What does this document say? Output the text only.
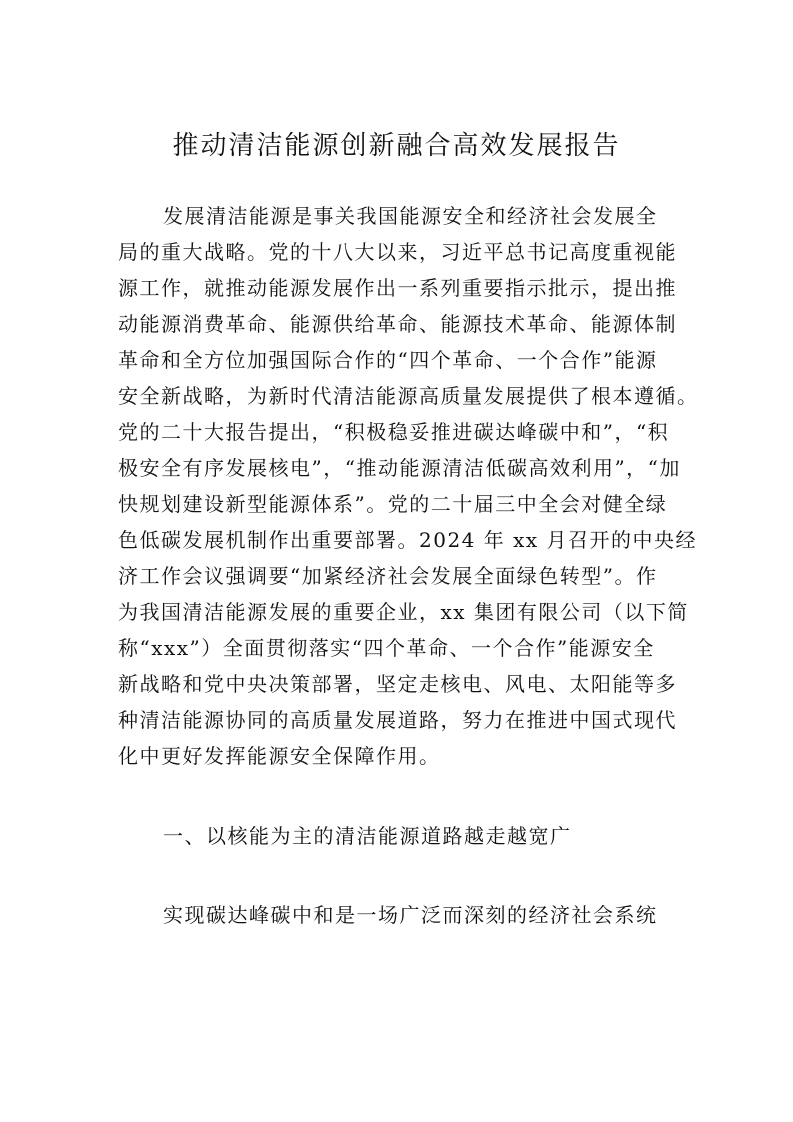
推动清洁能源创新融合高效发展报告
发展清洁能源是事关我国能源安全和经济社会发展全
局的重大战略。党的十八大以来，习近平总书记高度重视能
源工作，就推动能源发展作出一系列重要指示批示，提出推
动能源消费革命、能源供给革命、能源技术革命、能源体制
革命和全方位加强国际合作的“四个革命、一个合作”能源
安全新战略，为新时代清洁能源高质量发展提供了根本遵循。
党的二十大报告提出，“积极稳妥推进碳达峰碳中和”，“积
极安全有序发展核电”，“推动能源清洁低碳高效利用”，“加
快规划建设新型能源体系”。党的二十届三中全会对健全绿
色低碳发展机制作出重要部署。2024 年 xx 月召开的中央经
济工作会议强调要“加紧经济社会发展全面绿色转型”。作
为我国清洁能源发展的重要企业，xx 集团有限公司（以下简
称“xxx”）全面贯彻落实“四个革命、一个合作”能源安全
新战略和党中央决策部署，坚定走核电、风电、太阳能等多
种清洁能源协同的高质量发展道路，努力在推进中国式现代
化中更好发挥能源安全保障作用。
一、以核能为主的清洁能源道路越走越宽广
实现碳达峰碳中和是一场广泛而深刻的经济社会系统
